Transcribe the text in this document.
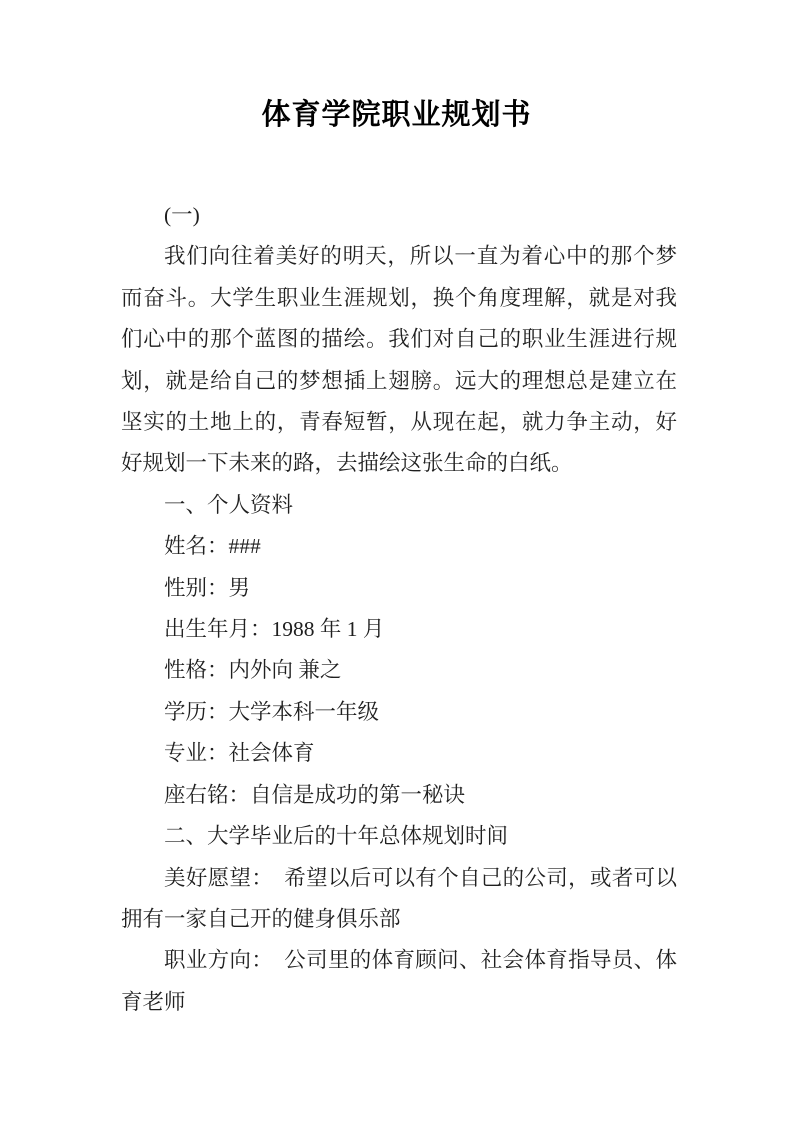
体育学院职业规划书

(一)

我们向往着美好的明天，所以一直为着心中的那个梦而奋斗。大学生职业生涯规划，换个角度理解，就是对我们心中的那个蓝图的描绘。我们对自己的职业生涯进行规划，就是给自己的梦想插上翅膀。远大的理想总是建立在坚实的土地上的，青春短暂，从现在起，就力争主动，好好规划一下未来的路，去描绘这张生命的白纸。

一、个人资料

姓名：###

性别：男

出生年月：1988 年 1 月

性格：内外向 兼之

学历：大学本科一年级

专业：社会体育

座右铭：自信是成功的第一秘诀

二、大学毕业后的十年总体规划时间

美好愿望：　希望以后可以有个自己的公司，或者可以拥有一家自己开的健身俱乐部

职业方向：　公司里的体育顾问、社会体育指导员、体育老师
